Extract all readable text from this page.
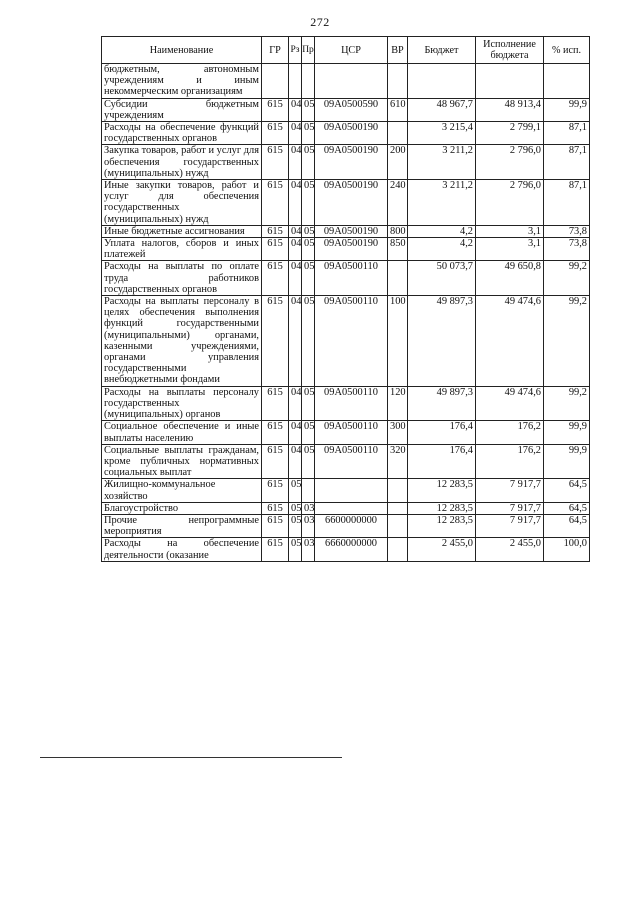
272
Наименование	ГР	Рз	Пр	ЦСР	ВР	Бюджет	Исполнение бюджета	% исп.
бюджетным, автономным учреждениям и иным некоммерческим организациям								
Субсидии бюджетным учреждениям	615	04	05	09А0500590	610	48 967,7	48 913,4	99,9
Расходы на обеспечение функций государственных органов	615	04	05	09А0500190		3 215,4	2 799,1	87,1
Закупка товаров, работ и услуг для обеспечения государственных (муниципальных) нужд	615	04	05	09А0500190	200	3 211,2	2 796,0	87,1
Иные закупки товаров, работ и услуг для обеспечения государственных (муниципальных) нужд	615	04	05	09А0500190	240	3 211,2	2 796,0	87,1
Иные бюджетные ассигнования	615	04	05	09А0500190	800	4,2	3,1	73,8
Уплата налогов, сборов и иных платежей	615	04	05	09А0500190	850	4,2	3,1	73,8
Расходы на выплаты по оплате труда работников государственных органов	615	04	05	09А0500110		50 073,7	49 650,8	99,2
Расходы на выплаты персоналу в целях обеспечения выполнения функций государственными (муниципальными) органами, казенными учреждениями, органами управления государственными внебюджетными фондами	615	04	05	09А0500110	100	49 897,3	49 474,6	99,2
Расходы на выплаты персоналу государственных (муниципальных) органов	615	04	05	09А0500110	120	49 897,3	49 474,6	99,2
Социальное обеспечение и иные выплаты населению	615	04	05	09А0500110	300	176,4	176,2	99,9
Социальные выплаты гражданам, кроме публичных нормативных социальных выплат	615	04	05	09А0500110	320	176,4	176,2	99,9
Жилищно-коммунальное хозяйство	615	05				12 283,5	7 917,7	64,5
Благоустройство	615	05	03			12 283,5	7 917,7	64,5
Прочие непрограммные мероприятия	615	05	03	6600000000		12 283,5	7 917,7	64,5
Расходы на обеспечение деятельности (оказание	615	05	03	6660000000		2 455,0	2 455,0	100,0
